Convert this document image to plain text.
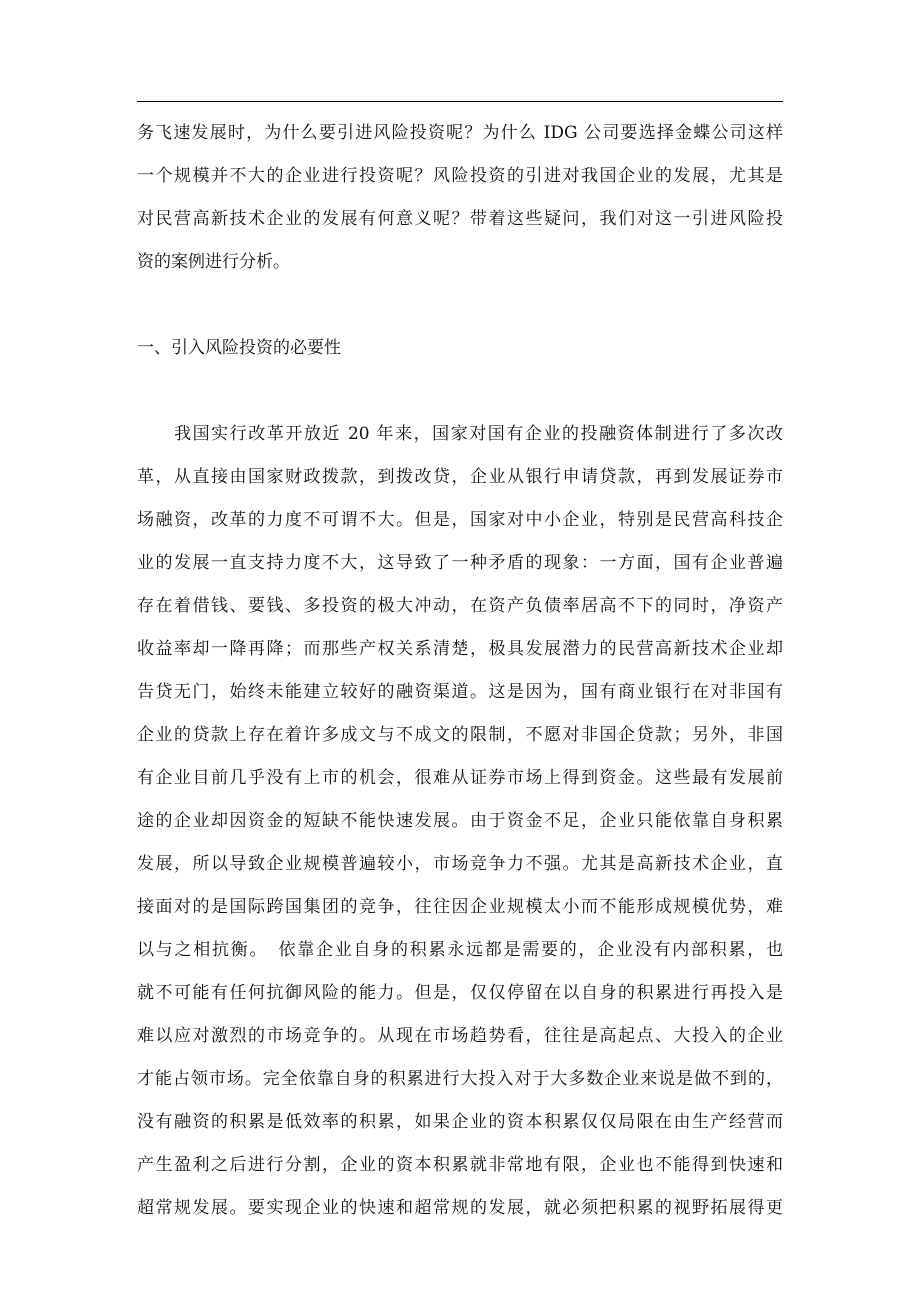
务飞速发展时，为什么要引进风险投资呢？为什么 IDG 公司要选择金蝶公司这样
一个规模并不大的企业进行投资呢？风险投资的引进对我国企业的发展，尤其是
对民营高新技术企业的发展有何意义呢？带着这些疑问，我们对这一引进风险投
资的案例进行分析。
一、引入风险投资的必要性
　　我国实行改革开放近 20 年来，国家对国有企业的投融资体制进行了多次改
革，从直接由国家财政拨款，到拨改贷，企业从银行申请贷款，再到发展证券市
场融资，改革的力度不可谓不大。但是，国家对中小企业，特别是民营高科技企
业的发展一直支持力度不大，这导致了一种矛盾的现象：一方面，国有企业普遍
存在着借钱、要钱、多投资的极大冲动，在资产负债率居高不下的同时，净资产
收益率却一降再降；而那些产权关系清楚，极具发展潜力的民营高新技术企业却
告贷无门，始终未能建立较好的融资渠道。这是因为，国有商业银行在对非国有
企业的贷款上存在着许多成文与不成文的限制，不愿对非国企贷款；另外，非国
有企业目前几乎没有上市的机会，很难从证券市场上得到资金。这些最有发展前
途的企业却因资金的短缺不能快速发展。由于资金不足，企业只能依靠自身积累
发展，所以导致企业规模普遍较小，市场竞争力不强。尤其是高新技术企业，直
接面对的是国际跨国集团的竞争，往往因企业规模太小而不能形成规模优势，难
以与之相抗衡。　依靠企业自身的积累永远都是需要的，企业没有内部积累，也
就不可能有任何抗御风险的能力。但是，仅仅停留在以自身的积累进行再投入是
难以应对激烈的市场竞争的。从现在市场趋势看，往往是高起点、大投入的企业
才能占领市场。完全依靠自身的积累进行大投入对于大多数企业来说是做不到的，
没有融资的积累是低效率的积累，如果企业的资本积累仅仅局限在由生产经营而
产生盈利之后进行分割，企业的资本积累就非常地有限，企业也不能得到快速和
超常规发展。要实现企业的快速和超常规的发展，就必须把积累的视野拓展得更
